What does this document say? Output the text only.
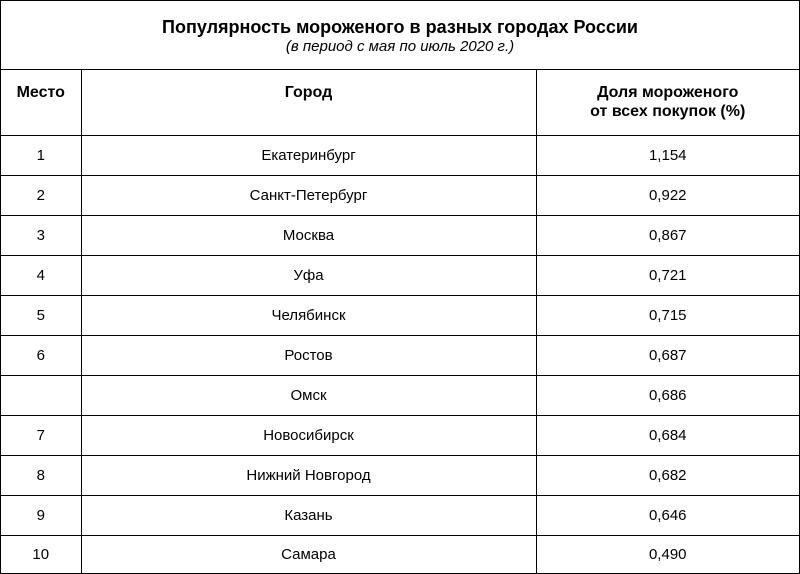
Популярность мороженого в разных городах России
(в период с мая по июль 2020 г.)
Место	Город	Доля мороженого
от всех покупок (%)

1	Екатеринбург	1,154
2	Санкт-Петербург	0,922
3	Москва	0,867
4	Уфа	0,721
5	Челябинск	0,715
6	Ростов	0,687
	Омск	0,686
7	Новосибирск	0,684
8	Нижний Новгород	0,682
9	Казань	0,646
10	Самара	0,490
